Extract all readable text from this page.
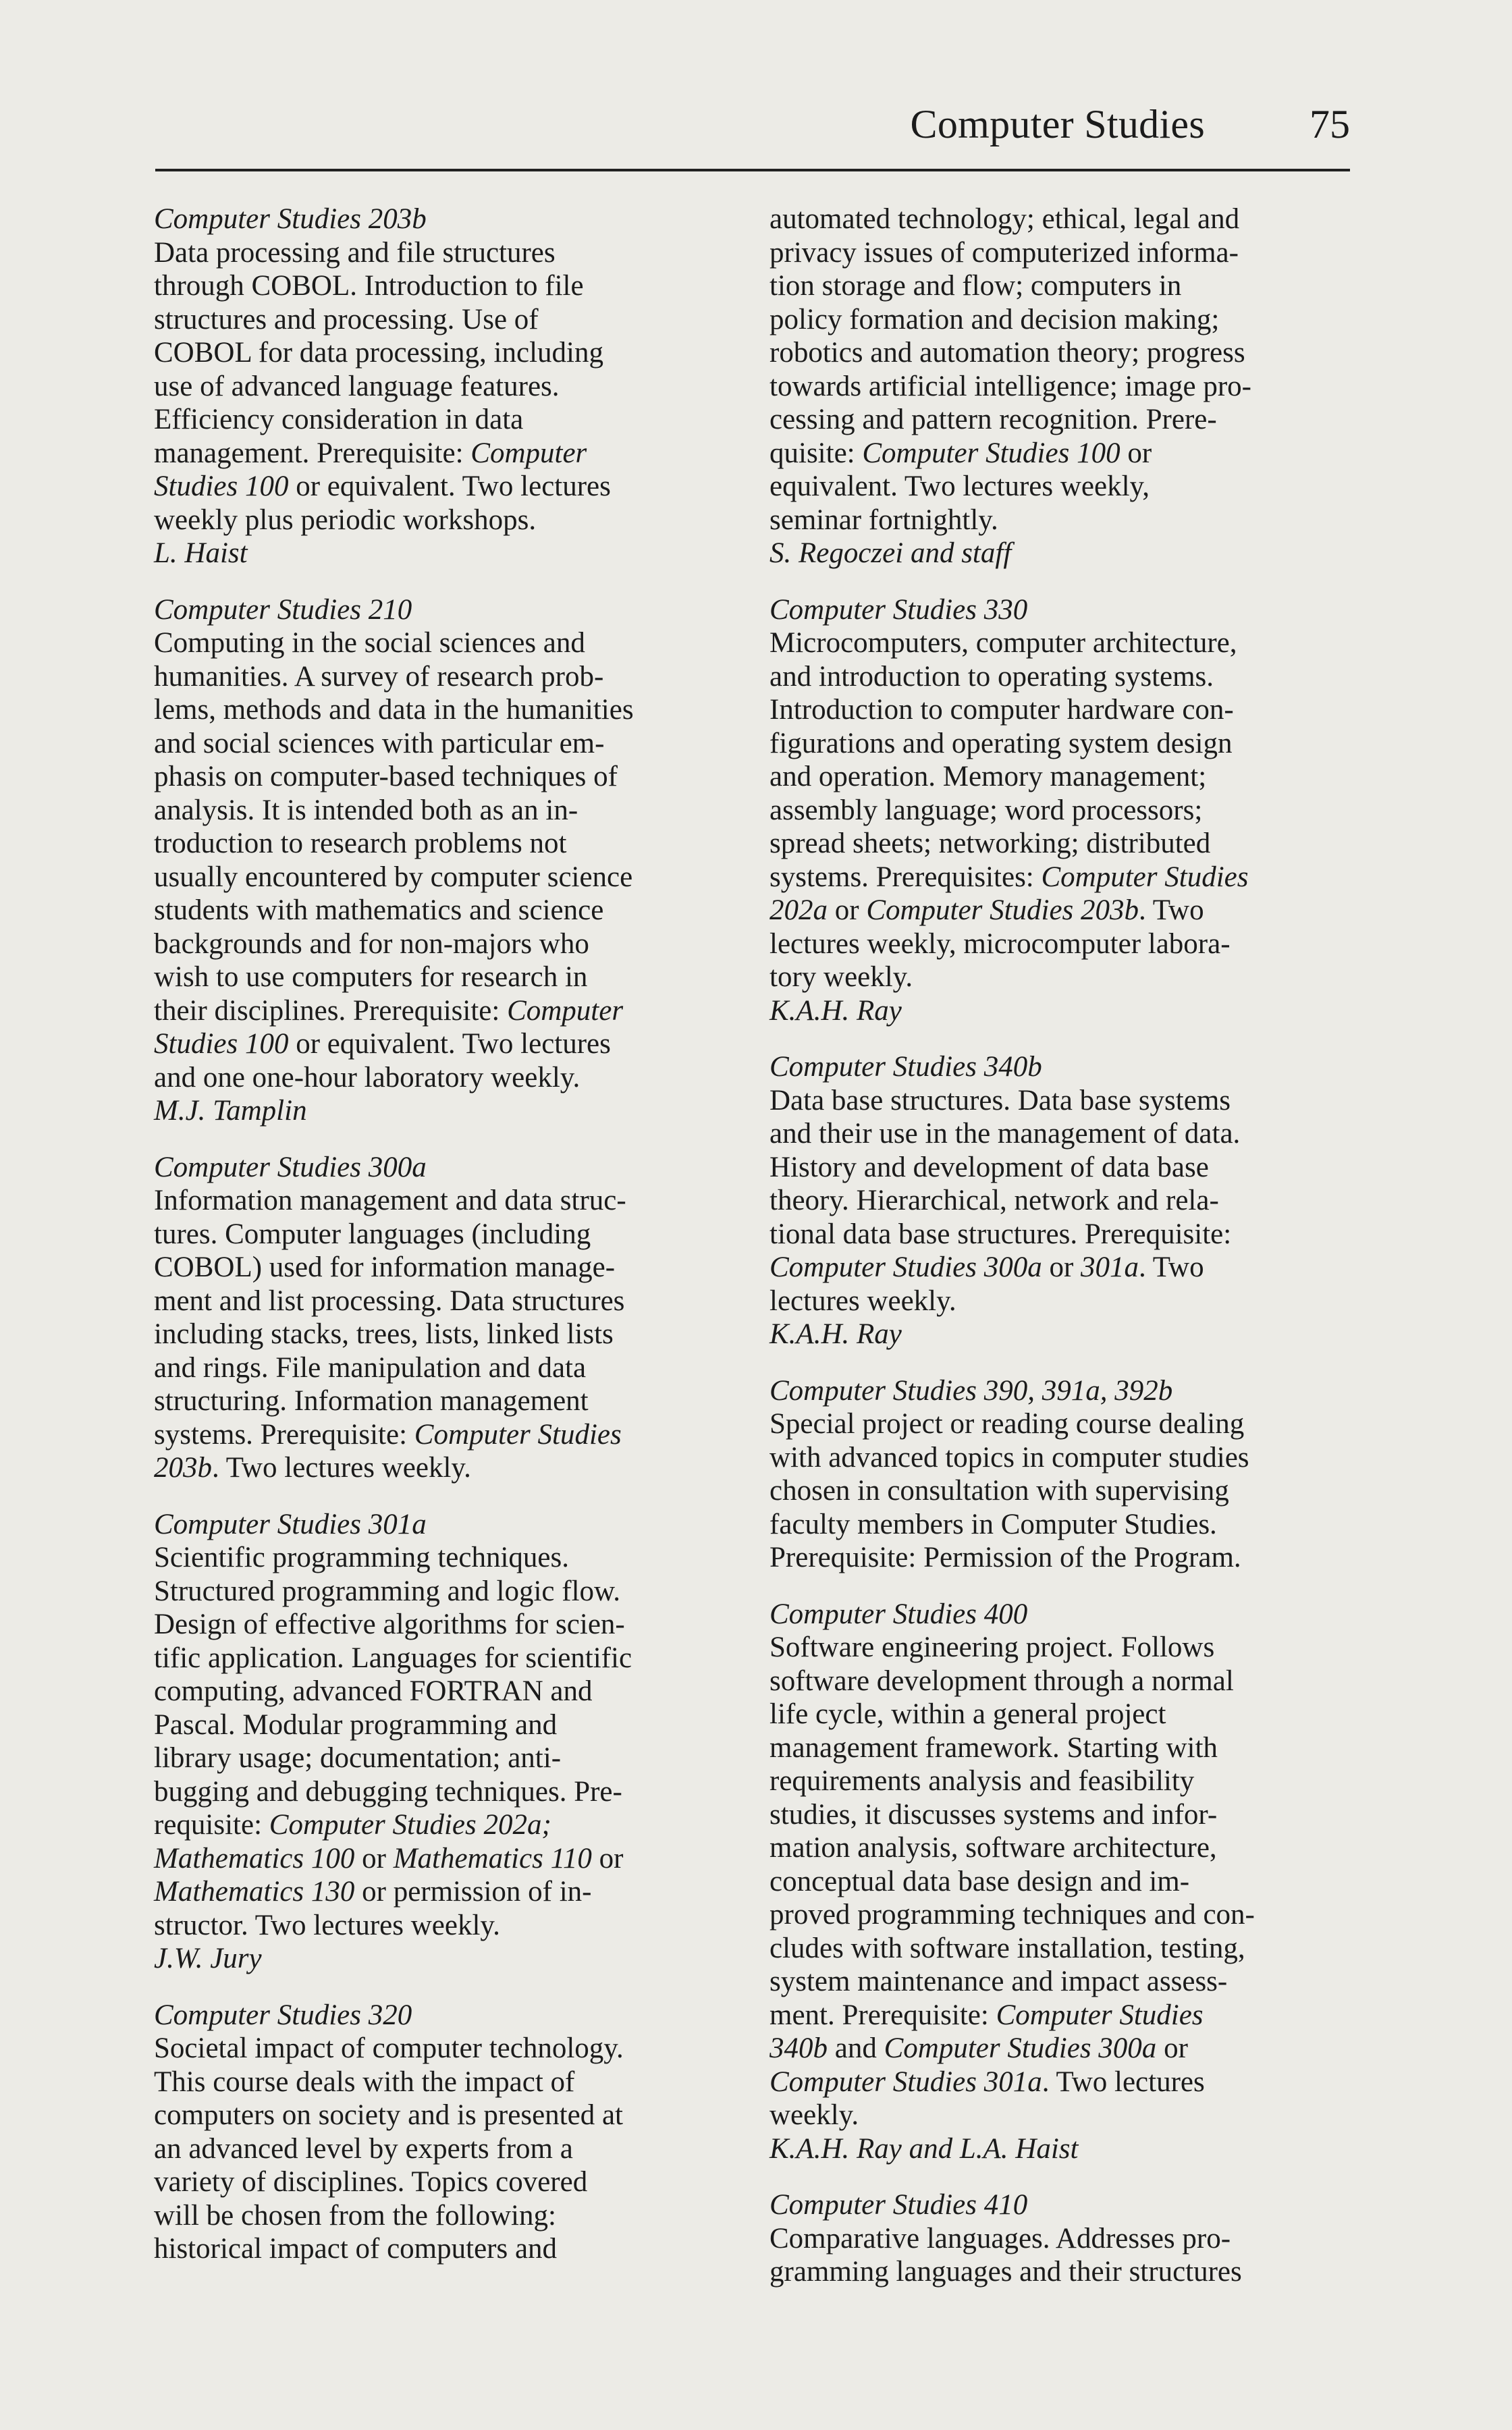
Computer Studies	75

Computer Studies 203b

Data processing and file structures

through COBOL. Introduction to file

structures and processing. Use of

COBOL for data processing, including

use of advanced language features.

Efficiency consideration in data

management. Prerequisite: Computer

Studies 100 or equivalent. Two lectures

weekly plus periodic workshops.

L. Haist

Computer Studies 210

Computing in the social sciences and

humanities. A survey of research prob-

lems, methods and data in the humanities

and social sciences with particular em-

phasis on computer-based techniques of

analysis. It is intended both as an in-

troduction to research problems not

usually encountered by computer science

students with mathematics and science

backgrounds and for non-majors who

wish to use computers for research in

their disciplines. Prerequisite: Computer

Studies 100 or equivalent. Two lectures

and one one-hour laboratory weekly.

M.J. Tamplin

Computer Studies 300a

Information management and data struc-

tures. Computer languages (including

COBOL) used for information manage-

ment and list processing. Data structures

including stacks, trees, lists, linked lists

and rings. File manipulation and data

structuring. Information management

systems. Prerequisite: Computer Studies

203b. Two lectures weekly.

Computer Studies 301a

Scientific programming techniques.

Structured programming and logic flow.

Design of effective algorithms for scien-

tific application. Languages for scientific

computing, advanced FORTRAN and

Pascal. Modular programming and

library usage; documentation; anti-

bugging and debugging techniques. Pre-

requisite: Computer Studies 202a;

Mathematics 100 or Mathematics 110 or

Mathematics 130 or permission of in-

structor. Two lectures weekly.

J.W. Jury

Computer Studies 320

Societal impact of computer technology.

This course deals with the impact of

computers on society and is presented at

an advanced level by experts from a

variety of disciplines. Topics covered

will be chosen from the following:

historical impact of computers and

automated technology; ethical, legal and

privacy issues of computerized informa-

tion storage and flow; computers in

policy formation and decision making;

robotics and automation theory; progress

towards artificial intelligence; image pro-

cessing and pattern recognition. Prere-

quisite: Computer Studies 100 or

equivalent. Two lectures weekly,

seminar fortnightly.

S. Regoczei and staff

Computer Studies 330

Microcomputers, computer architecture,

and introduction to operating systems.

Introduction to computer hardware con-

figurations and operating system design

and operation. Memory management;

assembly language; word processors;

spread sheets; networking; distributed

systems. Prerequisites: Computer Studies

202a or Computer Studies 203b. Two

lectures weekly, microcomputer labora-

tory weekly.

K.A.H. Ray

Computer Studies 340b

Data base structures. Data base systems

and their use in the management of data.

History and development of data base

theory. Hierarchical, network and rela-

tional data base structures. Prerequisite:

Computer Studies 300a or 301a. Two

lectures weekly.

K.A.H. Ray

Computer Studies 390, 391a, 392b

Special project or reading course dealing

with advanced topics in computer studies

chosen in consultation with supervising

faculty members in Computer Studies.

Prerequisite: Permission of the Program.

Computer Studies 400

Software engineering project. Follows

software development through a normal

life cycle, within a general project

management framework. Starting with

requirements analysis and feasibility

studies, it discusses systems and infor-

mation analysis, software architecture,

conceptual data base design and im-

proved programming techniques and con-

cludes with software installation, testing,

system maintenance and impact assess-

ment. Prerequisite: Computer Studies

340b and Computer Studies 300a or

Computer Studies 301a. Two lectures

weekly.

K.A.H. Ray and L.A. Haist

Computer Studies 410

Comparative languages. Addresses pro-

gramming languages and their structures
